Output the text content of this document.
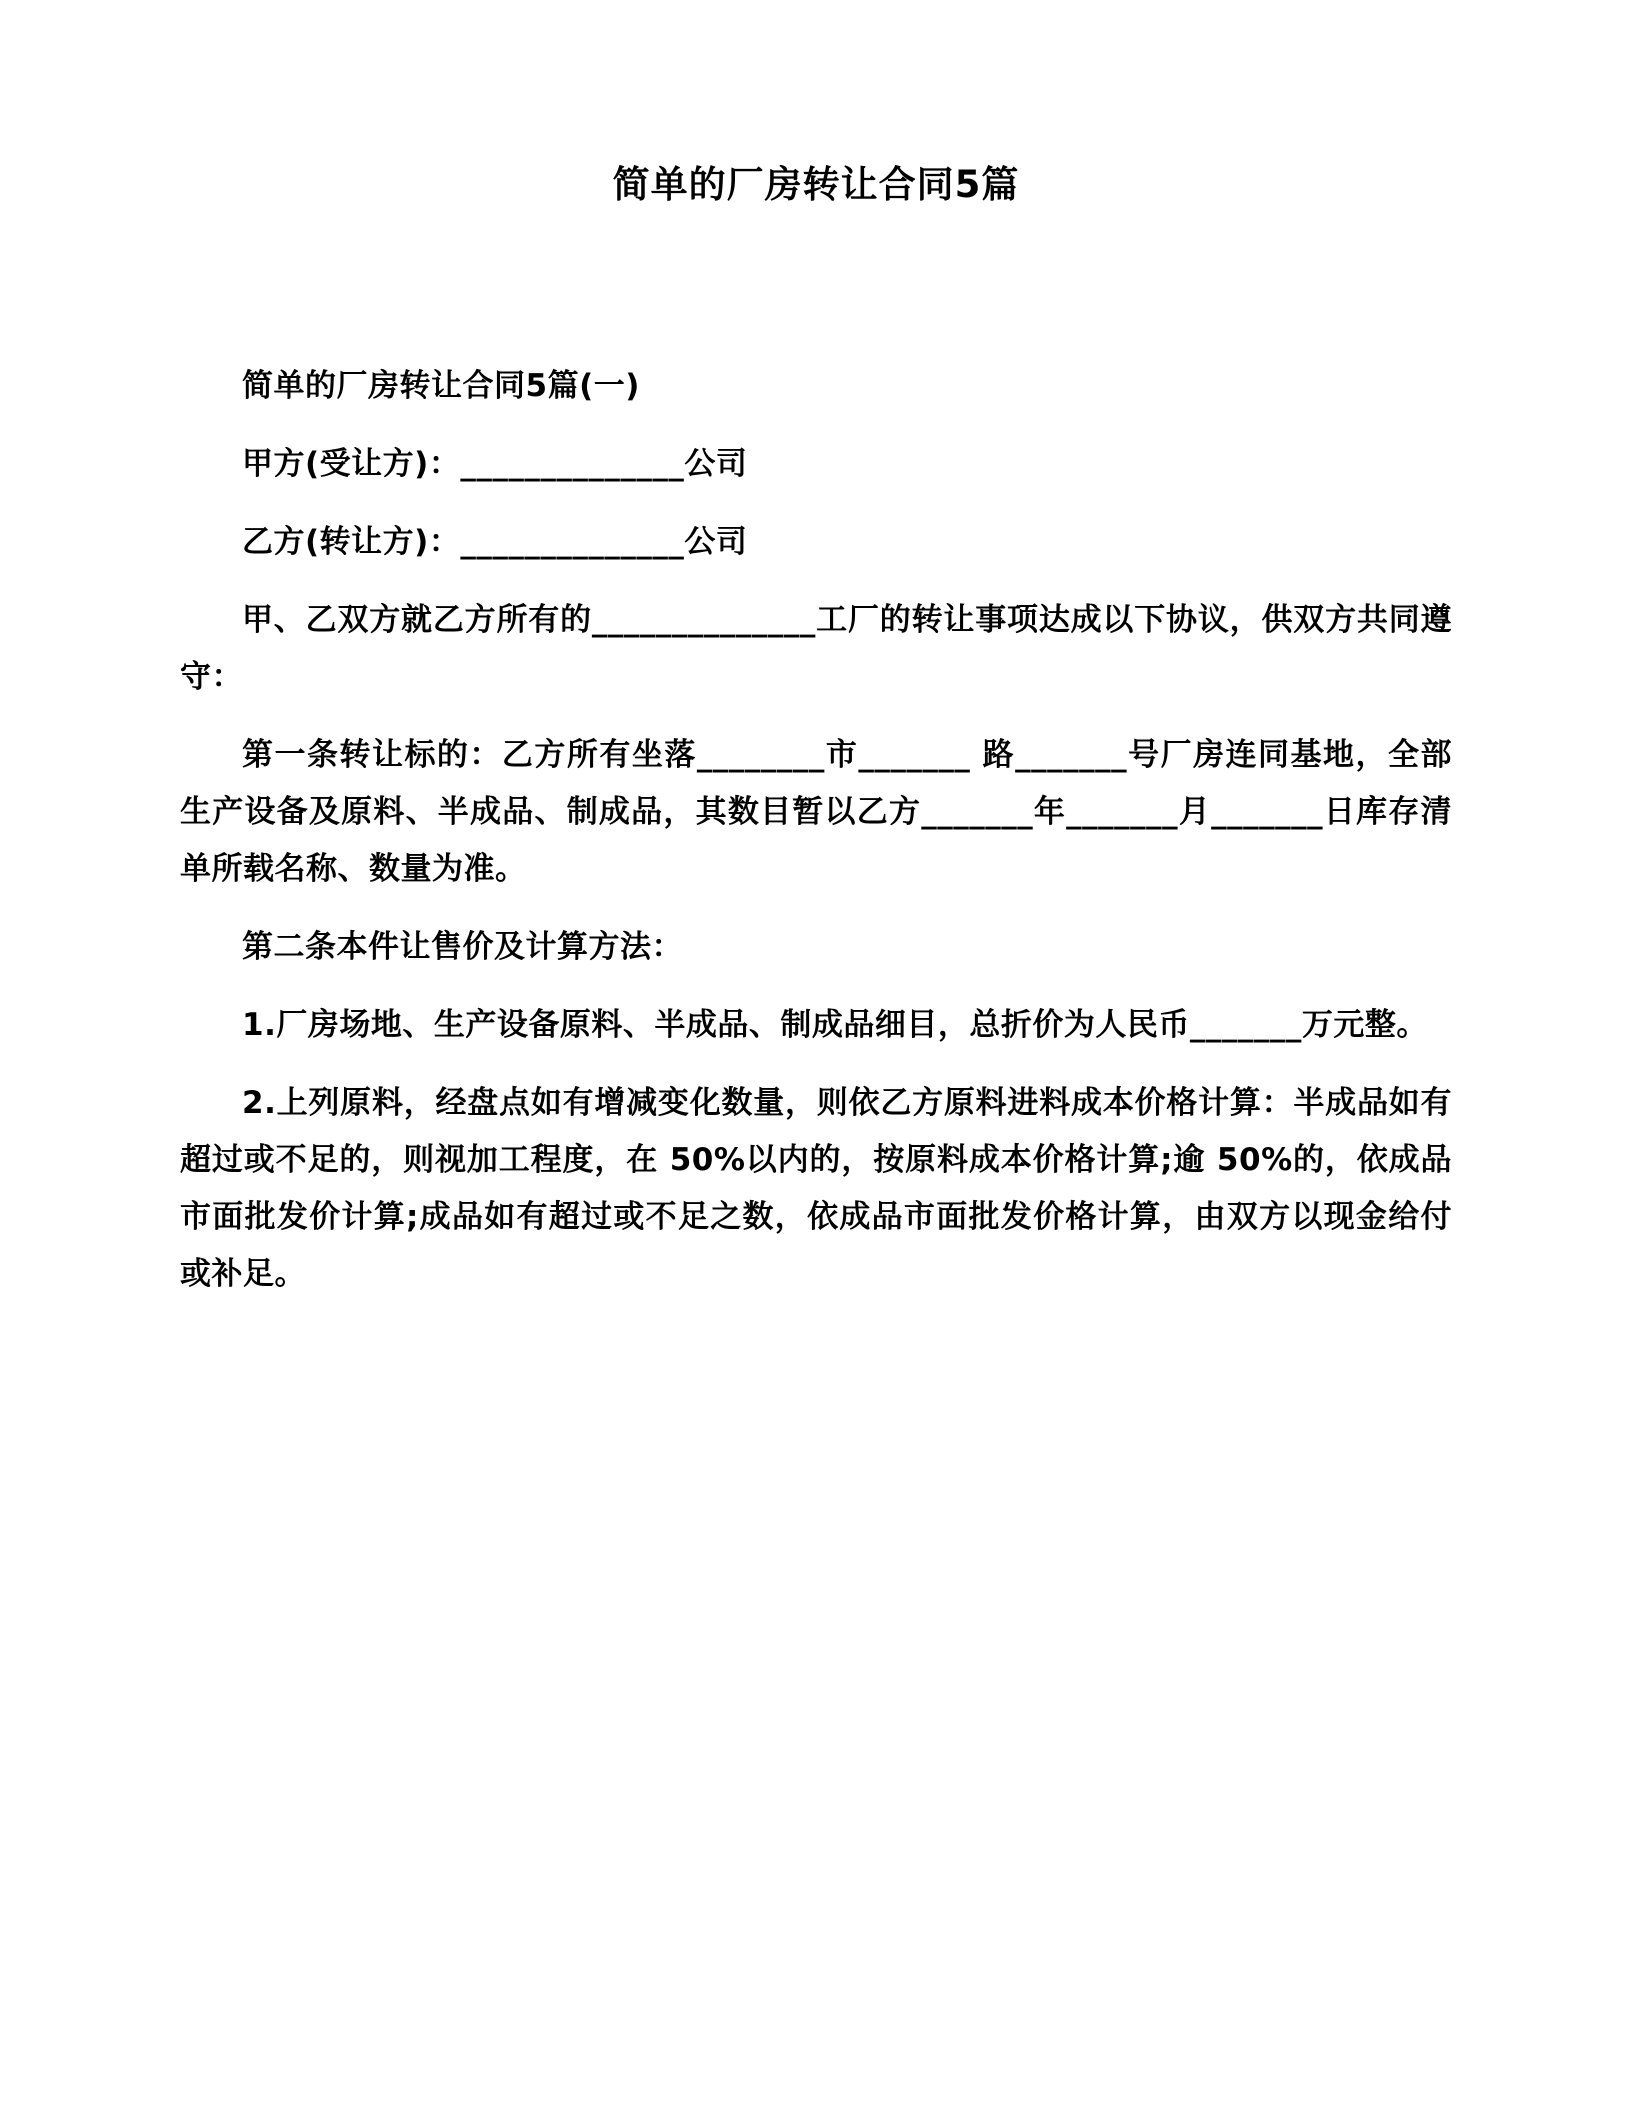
简单的厂房转让合同5篇

简单的厂房转让合同5篇(一)

甲方(受让方)：______________公司

乙方(转让方)：______________公司

甲、乙双方就乙方所有的______________工厂的转让事项达成以下协议，供双方共同遵守：

第一条转让标的：乙方所有坐落________市_______ 路_______号厂房连同基地，全部生产设备及原料、半成品、制成品，其数目暂以乙方_______年_______月_______日库存清单所载名称、数量为准。

第二条本件让售价及计算方法：

1.厂房场地、生产设备原料、半成品、制成品细目，总折价为人民币_______万元整。

2.上列原料，经盘点如有增减变化数量，则依乙方原料进料成本价格计算：半成品如有超过或不足的，则视加工程度，在 50%以内的，按原料成本价格计算;逾 50%的，依成品市面批发价计算;成品如有超过或不足之数，依成品市面批发价格计算，由双方以现金给付或补足。
